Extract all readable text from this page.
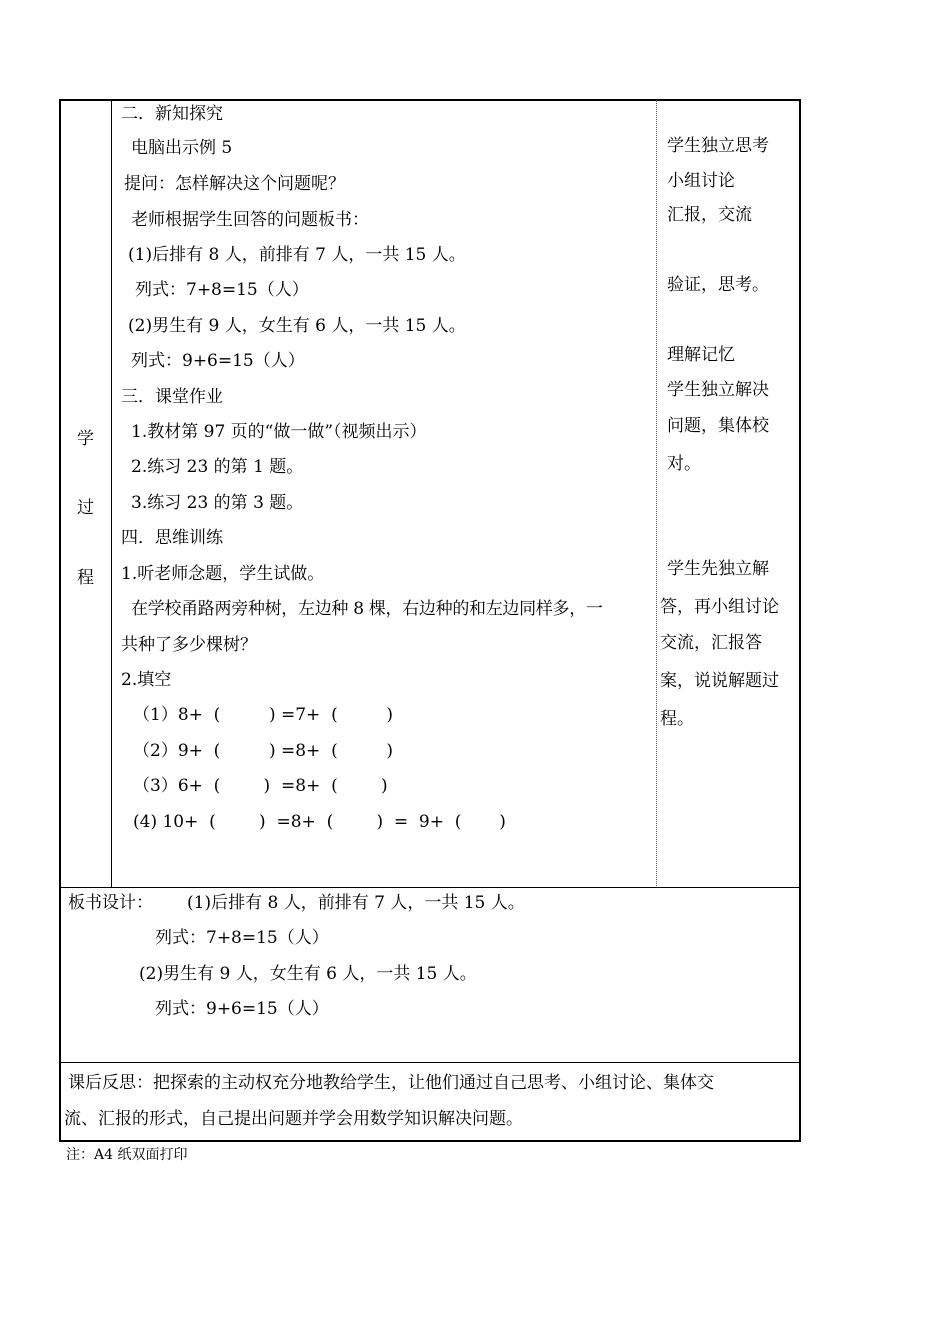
学
过
程
二．新知探究
电脑出示例 5
提问：怎样解决这个问题呢？
老师根据学生回答的问题板书：
(1)后排有 8 人，前排有 7 人，一共 15 人。
列式：7+8=15（人）
(2)男生有 9 人，女生有 6 人，一共 15 人。
列式：9+6=15（人）
三．课堂作业
1.教材第 97 页的“做一做”（视频出示）
2.练习 23 的第 1 题。
3.练习 23 的第 3 题。
四．思维训练
1.听老师念题，学生试做。
在学校甬路两旁种树，左边种 8 棵，右边种的和左边同样多，一
共种了多少棵树？
2.填空
（1）8+  (         ) =7+  (         )
（2）9+  (         ) =8+  (         )
（3）6+  (        )  =8+  (        )
(4) 10+  (        )  =8+  (        )  =  9+  (       )
学生独立思考
小组讨论
汇报，交流
验证，思考。
理解记忆
学生独立解决
问题，集体校
对。
学生先独立解
答，再小组讨论
交流，汇报答
案，说说解题过
程。
板书设计： (1)后排有 8 人，前排有 7 人，一共 15 人。
列式：7+8=15（人）
(2)男生有 9 人，女生有 6 人，一共 15 人。
列式：9+6=15（人）
课后反思：把探索的主动权充分地教给学生，让他们通过自己思考、小组讨论、集体交
流、汇报的形式，自己提出问题并学会用数学知识解决问题。
注：A4 纸双面打印
